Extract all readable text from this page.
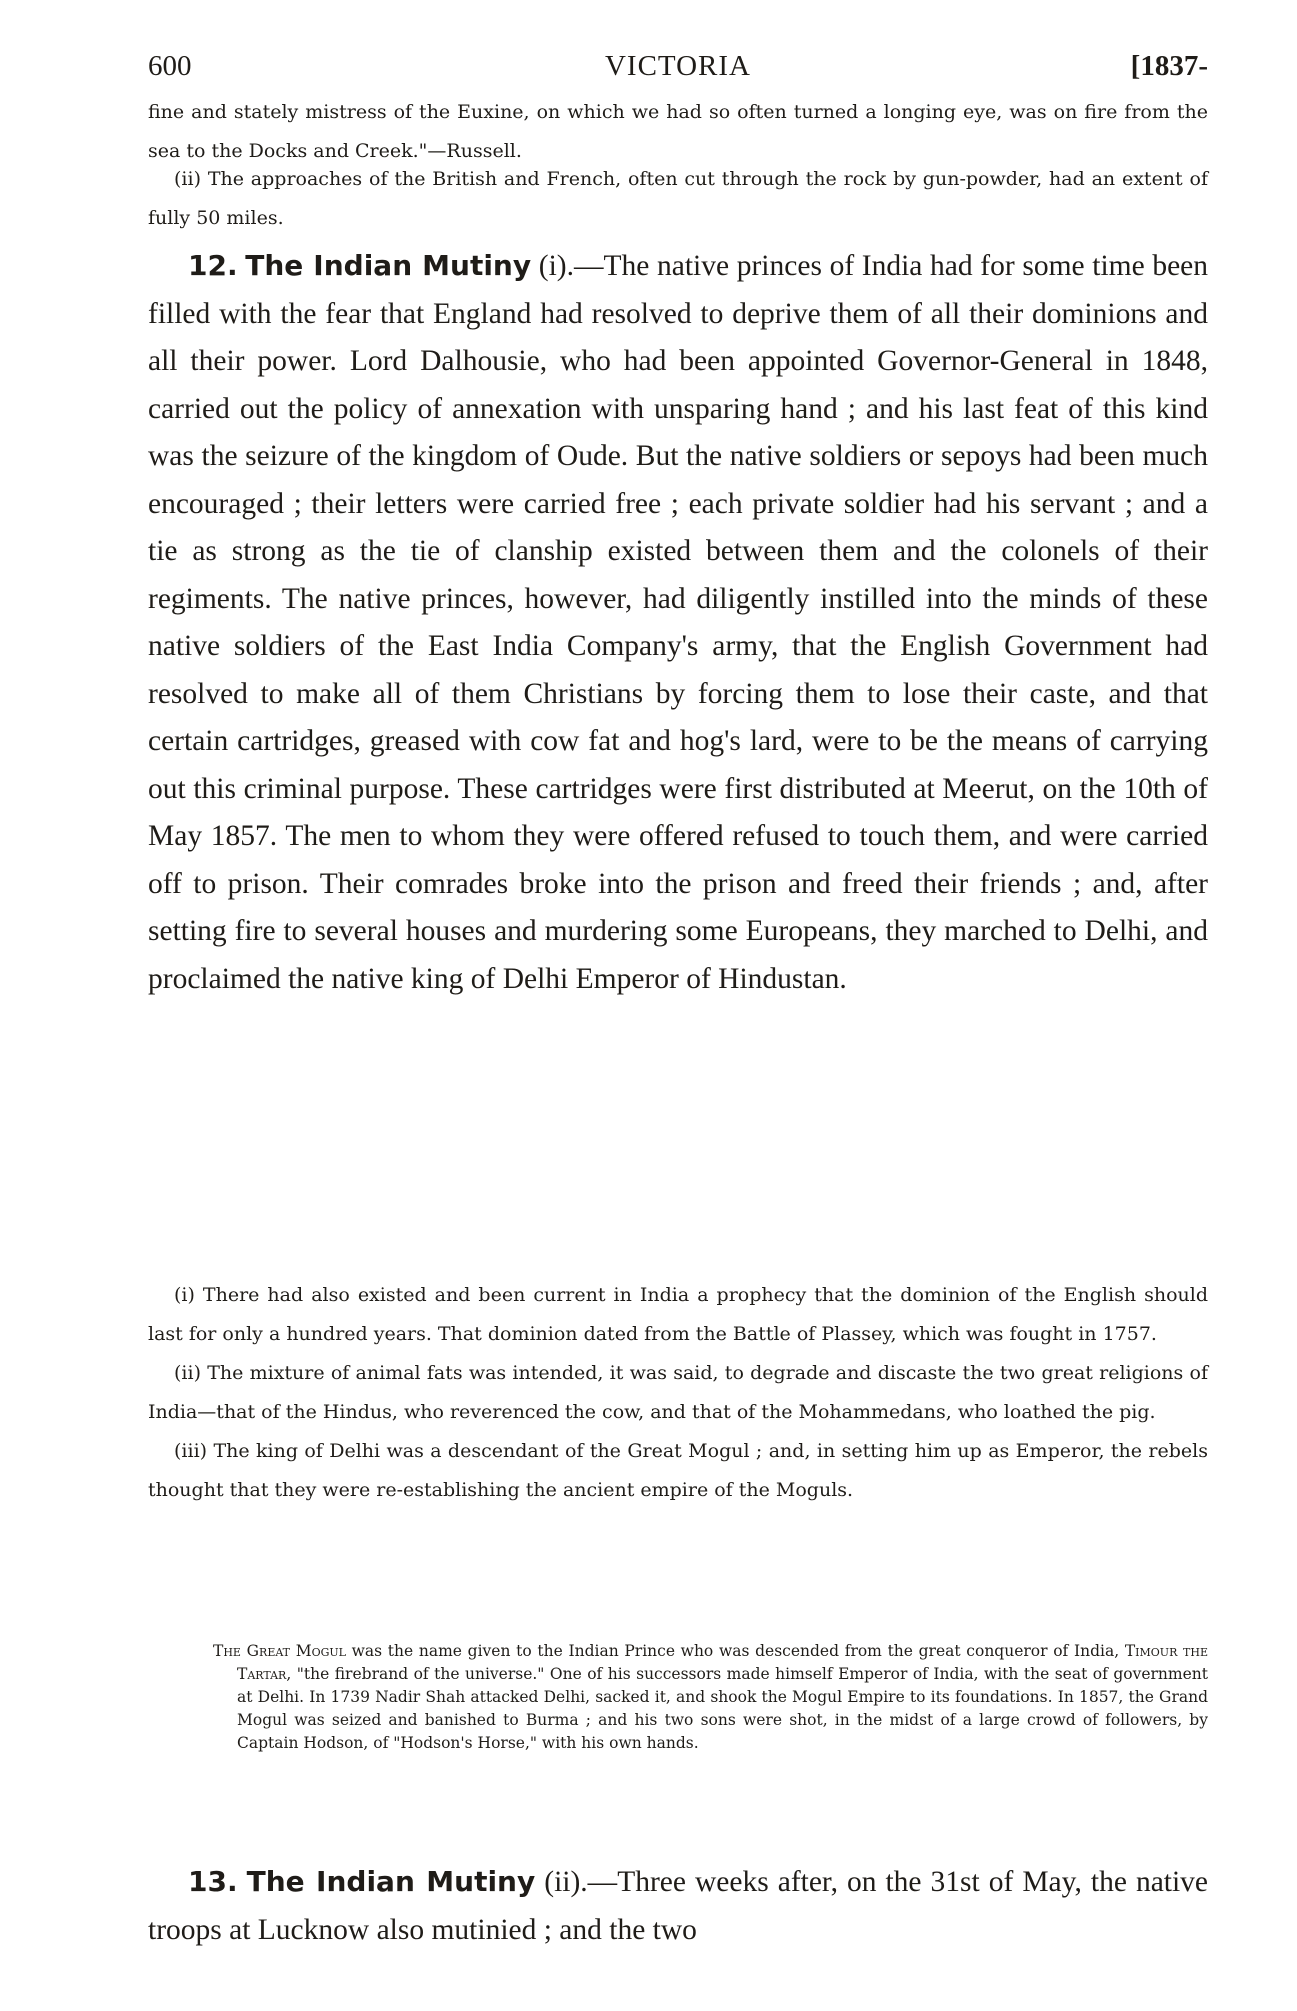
600	VICTORIA	[1837-

fine and stately mistress of the Euxine, on which we had so often turned a longing eye, was on fire from the sea to the Docks and Creek."—Russell.

(ii) The approaches of the British and French, often cut through the rock by gun-powder, had an extent of fully 50 miles.

12. The Indian Mutiny (i).—The native princes of India had for some time been filled with the fear that England had resolved to deprive them of all their dominions and all their power. Lord Dalhousie, who had been appointed Governor-General in 1848, carried out the policy of annexation with unsparing hand ; and his last feat of this kind was the seizure of the kingdom of Oude. But the native soldiers or sepoys had been much encouraged ; their letters were carried free ; each private soldier had his servant ; and a tie as strong as the tie of clanship existed between them and the colonels of their regiments. The native princes, however, had diligently instilled into the minds of these native soldiers of the East India Company's army, that the English Government had resolved to make all of them Christians by forcing them to lose their caste, and that certain cartridges, greased with cow fat and hog's lard, were to be the means of carrying out this criminal purpose. These cartridges were first distributed at Meerut, on the 10th of May 1857. The men to whom they were offered refused to touch them, and were carried off to prison. Their comrades broke into the prison and freed their friends ; and, after setting fire to several houses and murdering some Europeans, they marched to Delhi, and proclaimed the native king of Delhi Emperor of Hindustan.

(i) There had also existed and been current in India a prophecy that the dominion of the English should last for only a hundred years. That dominion dated from the Battle of Plassey, which was fought in 1757.

(ii) The mixture of animal fats was intended, it was said, to degrade and discaste the two great religions of India—that of the Hindus, who reverenced the cow, and that of the Mohammedans, who loathed the pig.

(iii) The king of Delhi was a descendant of the Great Mogul ; and, in setting him up as Emperor, the rebels thought that they were re-establishing the ancient empire of the Moguls.

The Great Mogul was the name given to the Indian Prince who was descended from the great conqueror of India, Timour the Tartar, "the firebrand of the universe." One of his successors made himself Emperor of India, with the seat of government at Delhi. In 1739 Nadir Shah attacked Delhi, sacked it, and shook the Mogul Empire to its foundations. In 1857, the Grand Mogul was seized and banished to Burma ; and his two sons were shot, in the midst of a large crowd of followers, by Captain Hodson, of "Hodson's Horse," with his own hands.

13. The Indian Mutiny (ii).—Three weeks after, on the 31st of May, the native troops at Lucknow also mutinied ; and the two
